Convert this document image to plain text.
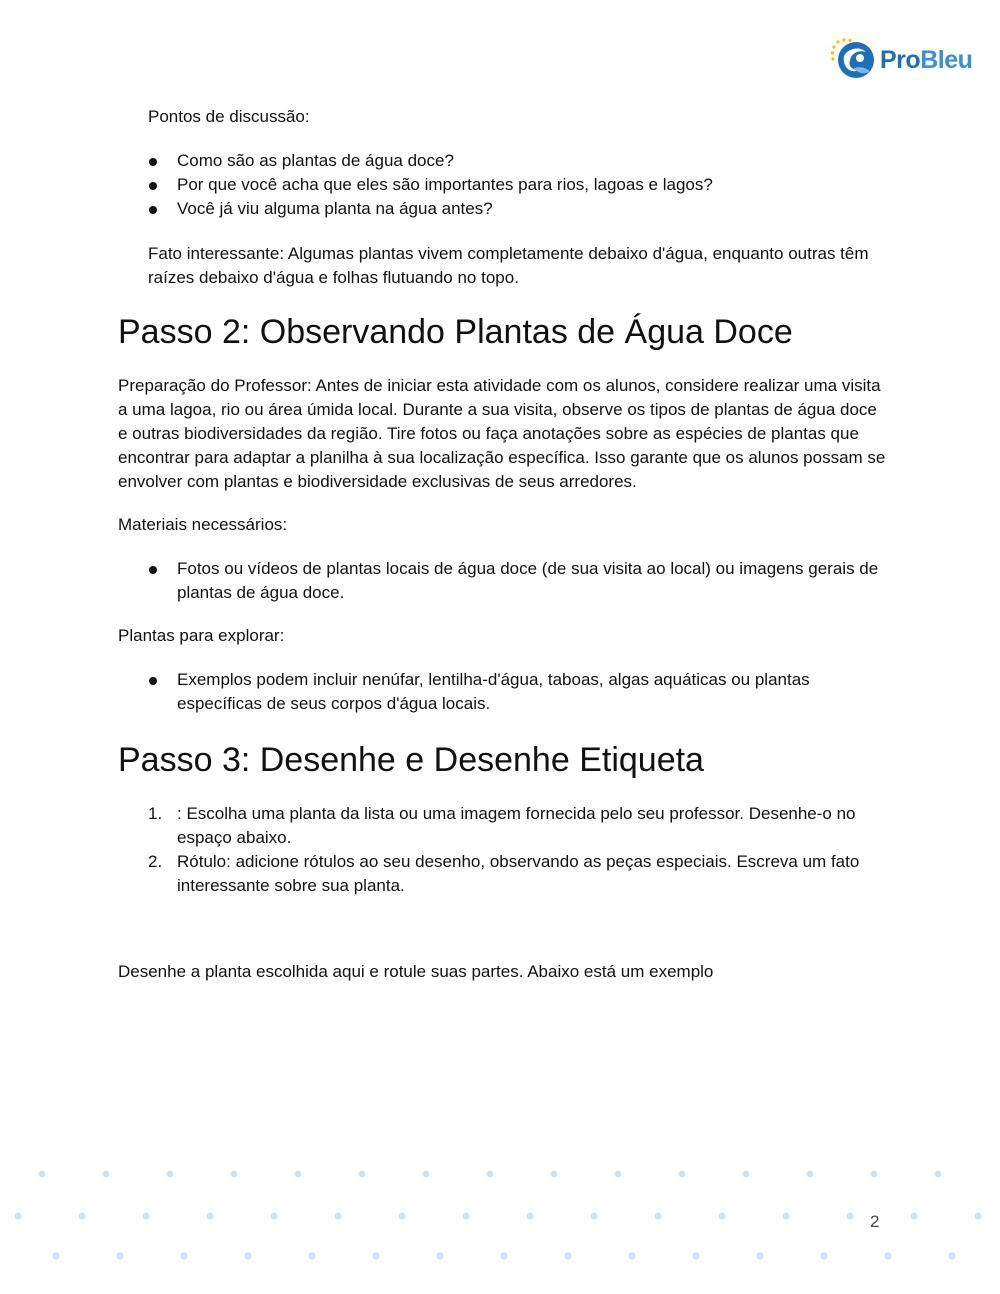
ProBleu

Pontos de discussão:

Como são as plantas de água doce?
Por que você acha que eles são importantes para rios, lagoas e lagos?
Você já viu alguma planta na água antes?

Fato interessante: Algumas plantas vivem completamente debaixo d'água, enquanto outras têm raízes debaixo d'água e folhas flutuando no topo.

Passo 2: Observando Plantas de Água Doce

Preparação do Professor: Antes de iniciar esta atividade com os alunos, considere realizar uma visita a uma lagoa, rio ou área úmida local. Durante a sua visita, observe os tipos de plantas de água doce e outras biodiversidades da região. Tire fotos ou faça anotações sobre as espécies de plantas que encontrar para adaptar a planilha à sua localização específica. Isso garante que os alunos possam se envolver com plantas e biodiversidade exclusivas de seus arredores.

Materiais necessários:

Fotos ou vídeos de plantas locais de água doce (de sua visita ao local) ou imagens gerais de plantas de água doce.

Plantas para explorar:

Exemplos podem incluir nenúfar, lentilha-d'água, taboas, algas aquáticas ou plantas específicas de seus corpos d'água locais.
Passo 3: Desenhe e Desenhe Etiqueta
1. : Escolha uma planta da lista ou uma imagem fornecida pelo seu professor. Desenhe-o no espaço abaixo.
2. Rótulo: adicione rótulos ao seu desenho, observando as peças especiais. Escreva um fato interessante sobre sua planta.

Desenhe a planta escolhida aqui e rotule suas partes. Abaixo está um exemplo

2
